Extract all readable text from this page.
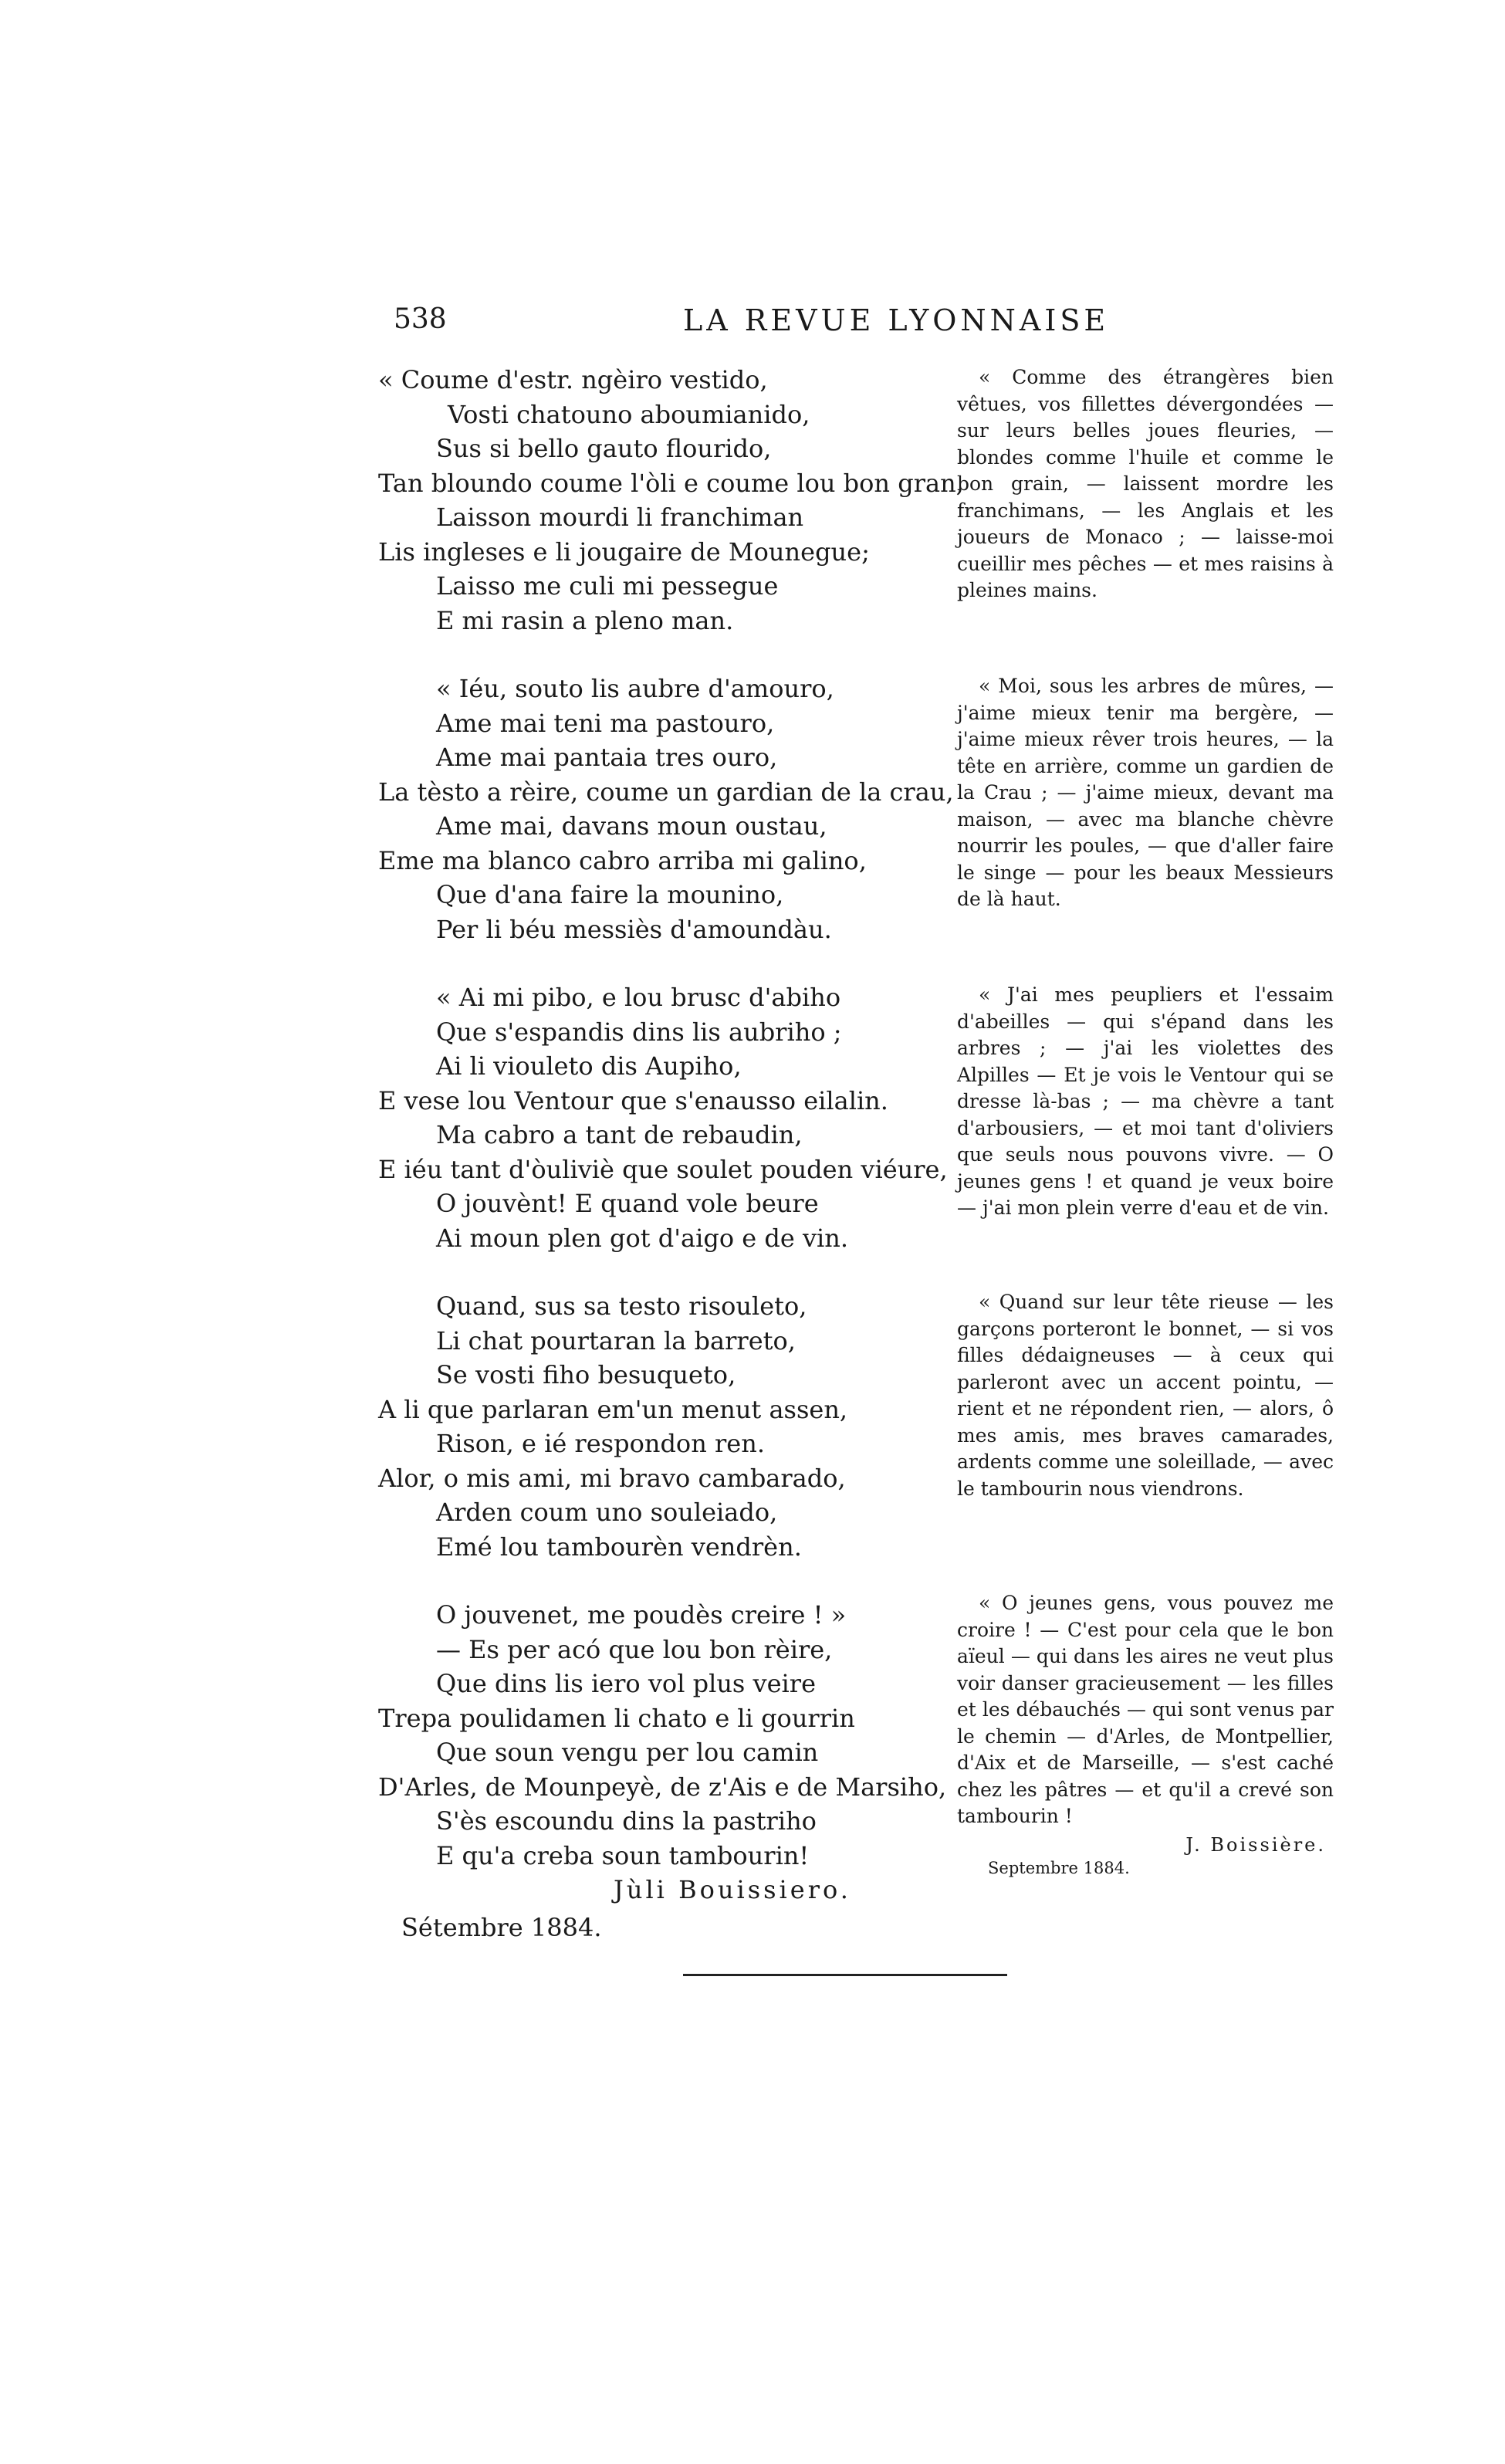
538	LA REVUE LYONNAISE
« Coume d'estr. ngèiro vestido,
Vosti chatouno aboumianido,
Sus si bello gauto flourido,
Tan bloundo coume l'òli e coume lou bon gran,
Laisson mourdi li franchiman
Lis ingleses e li jougaire de Mounegue;
Laisso me culi mi pessegue
E mi rasin a pleno man.
« Iéu, souto lis aubre d'amouro,
Ame mai teni ma pastouro,
Ame mai pantaia tres ouro,
La tèsto a rèire, coume un gardian de la crau,
Ame mai, davans moun oustau,
Eme ma blanco cabro arriba mi galino,
Que d'ana faire la mounino,
Per li béu messiès d'amoundàu.
« Ai mi pibo, e lou brusc d'abiho
Que s'espandis dins lis aubriho ;
Ai li viouleto dis Aupiho,
E vese lou Ventour que s'enausso eilalin.
Ma cabro a tant de rebaudin,
E iéu tant d'òuliviè que soulet pouden viéure,
O jouvènt! E quand vole beure
Ai moun plen got d'aigo e de vin.
Quand, sus sa testo risouleto,
Li chat pourtaran la barreto,
Se vosti fiho besuqueto,
A li que parlaran em'un menut assen,
Rison, e ié respondon ren.
Alor, o mis ami, mi bravo cambarado,
Arden coum uno souleiado,
Emé lou tambourèn vendrèn.
O jouvenet, me poudès creire ! »
— Es per acó que lou bon rèire,
Que dins lis iero vol plus veire
Trepa poulidamen li chato e li gourrin
Que soun vengu per lou camin
D'Arles, de Mounpeyè, de z'Ais e de Marsiho,
S'ès escoundu dins la pastriho
E qu'a creba soun tambourin!
Jùli Bouissiero.
Sétembre 1884.

« Comme des étrangères bien vêtues, vos fillettes dévergondées — sur leurs belles joues fleuries, — blondes comme l'huile et comme le bon grain, — laissent mordre les franchimans, — les Anglais et les joueurs de Monaco ; — laisse-moi cueillir mes pêches — et mes raisins à pleines mains.

« Moi, sous les arbres de mûres, — j'aime mieux tenir ma bergère, — j'aime mieux rêver trois heures, — la tête en arrière, comme un gardien de la Crau ; — j'aime mieux, devant ma maison, — avec ma blanche chèvre nourrir les poules, — que d'aller faire le singe — pour les beaux Messieurs de là haut.

« J'ai mes peupliers et l'essaim d'abeilles — qui s'épand dans les arbres ; — j'ai les violettes des Alpilles — Et je vois le Ventour qui se dresse là-bas ; — ma chèvre a tant d'arbousiers, — et moi tant d'oliviers que seuls nous pouvons vivre. — O jeunes gens ! et quand je veux boire — j'ai mon plein verre d'eau et de vin.

« Quand sur leur tête rieuse — les garçons porteront le bonnet, — si vos filles dédaigneuses — à ceux qui parleront avec un accent pointu, — rient et ne répondent rien, — alors, ô mes amis, mes braves camarades, ardents comme une soleillade, — avec le tambourin nous viendrons.

« O jeunes gens, vous pouvez me croire ! — C'est pour cela que le bon aïeul — qui dans les aires ne veut plus voir danser gracieusement — les filles et les débauchés — qui sont venus par le chemin — d'Arles, de Montpellier, d'Aix et de Marseille, — s'est caché chez les pâtres — et qu'il a crevé son tambourin !

J. Boissière.
Septembre 1884.
